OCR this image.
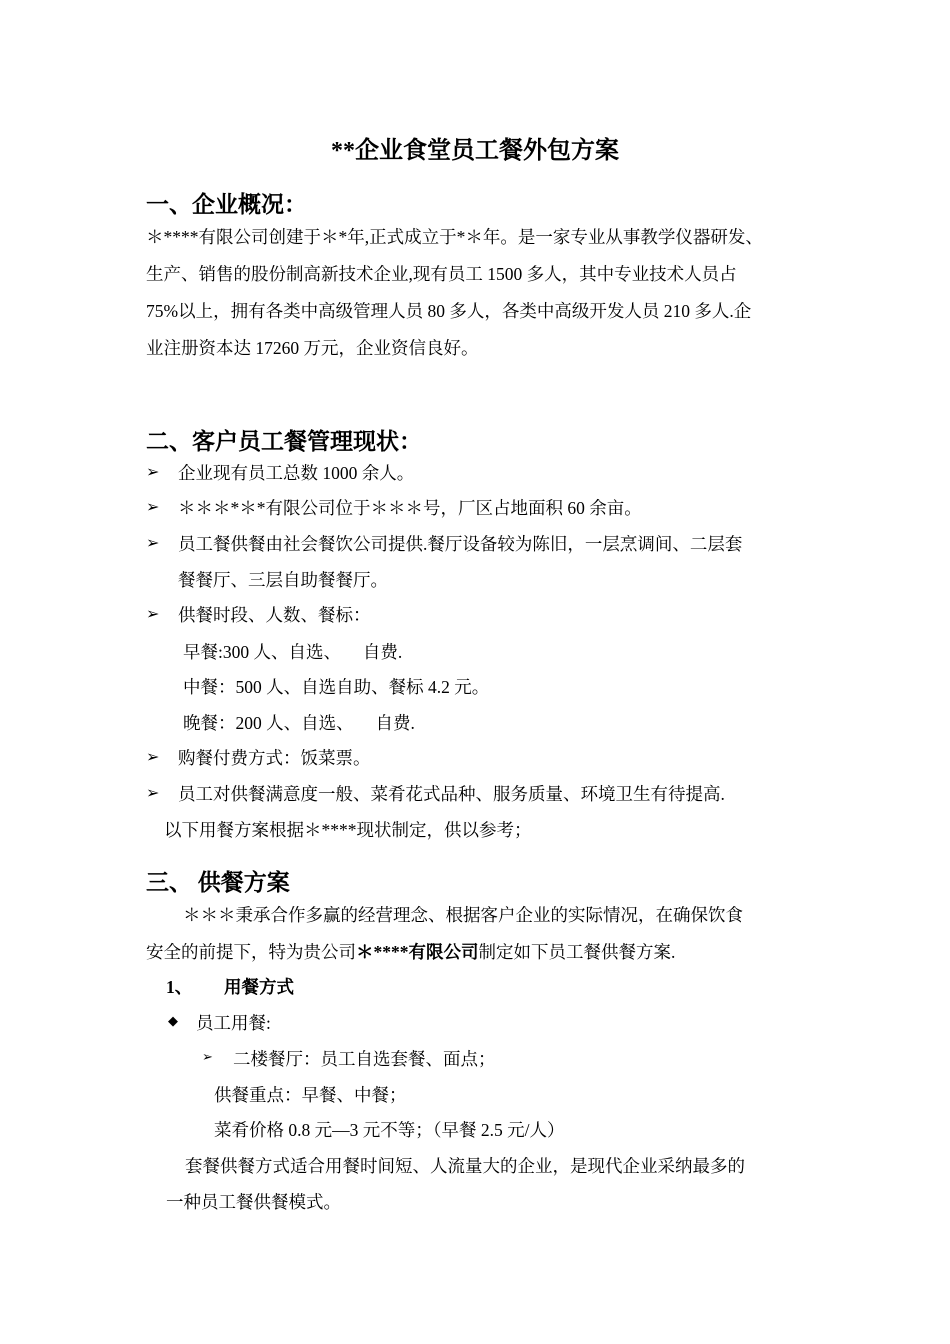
**企业食堂员工餐外包方案
一、企业概况：
＊****有限公司创建于＊*年,正式成立于*＊年。是一家专业从事教学仪器研发、
生产、销售的股份制高新技术企业,现有员工 1500 多人，其中专业技术人员占
75%以上，拥有各类中高级管理人员 80 多人，各类中高级开发人员 210 多人.企
业注册资本达 17260 万元，企业资信良好。
二、客户员工餐管理现状：
➢ 企业现有员工总数 1000 余人。
➢ ＊＊＊*＊*有限公司位于＊＊＊号，厂区占地面积 60 余亩。
➢ 员工餐供餐由社会餐饮公司提供.餐厅设备较为陈旧，一层烹调间、二层套
餐餐厅、三层自助餐餐厅。
➢ 供餐时段、人数、餐标：
早餐:300 人、自选、     自费.
中餐：500 人、自选自助、餐标 4.2 元。
晚餐：200 人、自选、     自费.
➢ 购餐付费方式：饭菜票。
➢ 员工对供餐满意度一般、菜肴花式品种、服务质量、环境卫生有待提高.
以下用餐方案根据＊****现状制定，供以参考；
三、 供餐方案
＊＊＊秉承合作多赢的经营理念、根据客户企业的实际情况，在确保饮食
安全的前提下，特为贵公司＊****有限公司制定如下员工餐供餐方案.
1、 用餐方式
◆ 员工用餐:
➢ 二楼餐厅：员工自选套餐、面点；
供餐重点：早餐、中餐；
菜肴价格 0.8 元—3 元不等；（早餐 2.5 元/人）
套餐供餐方式适合用餐时间短、人流量大的企业，是现代企业采纳最多的
一种员工餐供餐模式。
